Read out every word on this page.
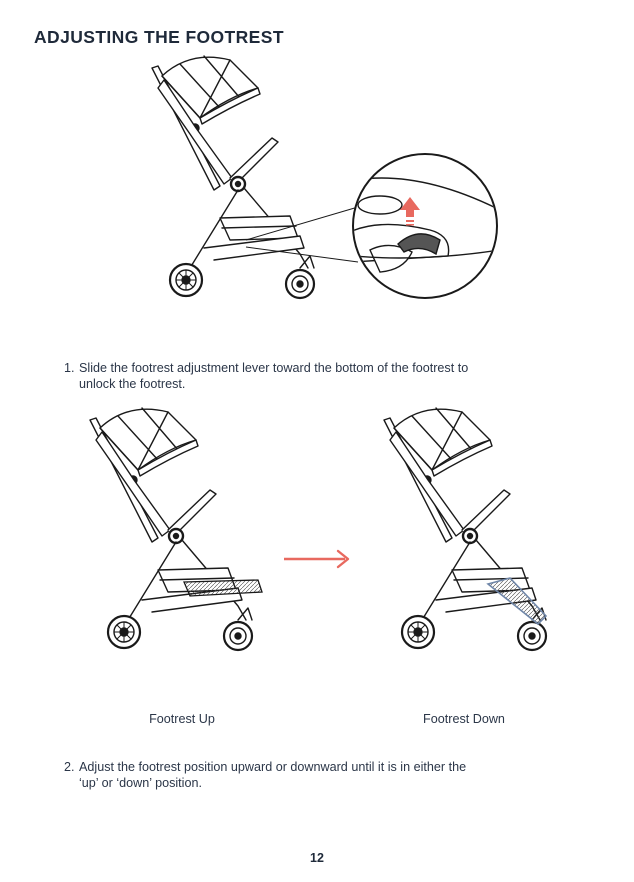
ADJUSTING THE FOOTREST
1. Slide the footrest adjustment lever toward the bottom of the footrest to
unlock the footrest.
Footrest Up	Footrest Down
2. Adjust the footrest position upward or downward until it is in either the
‘up’ or ‘down’ position.
12
